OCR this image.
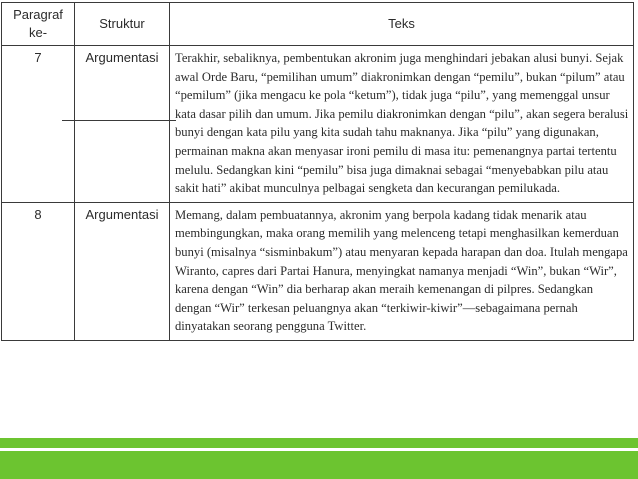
Paragraf ke-	Struktur	Teks
7	Argumentasi	Terakhir, sebaliknya, pembentukan akronim juga menghindari jebakan alusi bunyi. Sejak awal Orde Baru, “pemilihan umum” diakronimkan dengan “pemilu”, bukan “pilum” atau “pemilum” (jika mengacu ke pola “ketum”), tidak juga “pilu”, yang memenggal unsur kata dasar pilih dan umum. Jika pemilu diakronimkan dengan “pilu”, akan segera beralusi bunyi dengan kata pilu yang kita sudah tahu maknanya. Jika “pilu” yang digunakan, permainan makna akan menyasar ironi pemilu di masa itu: pemenangnya partai tertentu melulu. Sedangkan kini “pemilu” bisa juga dimaknai sebagai “menyebabkan pilu atau sakit hati” akibat munculnya pelbagai sengketa dan kecurangan pemilukada.
8	Argumentasi	Memang, dalam pembuatannya, akronim yang berpola kadang tidak menarik atau membingungkan, maka orang memilih yang melenceng tetapi menghasilkan kemerduan bunyi (misalnya “sisminbakum”) atau menyaran kepada harapan dan doa. Itulah mengapa Wiranto, capres dari Partai Hanura, menyingkat namanya menjadi “Win”, bukan “Wir”, karena dengan “Win” dia berharap akan meraih kemenangan di pilpres. Sedangkan dengan “Wir” terkesan peluangnya akan “terkiwir-kiwir”—sebagaimana pernah dinyatakan seorang pengguna Twitter.
